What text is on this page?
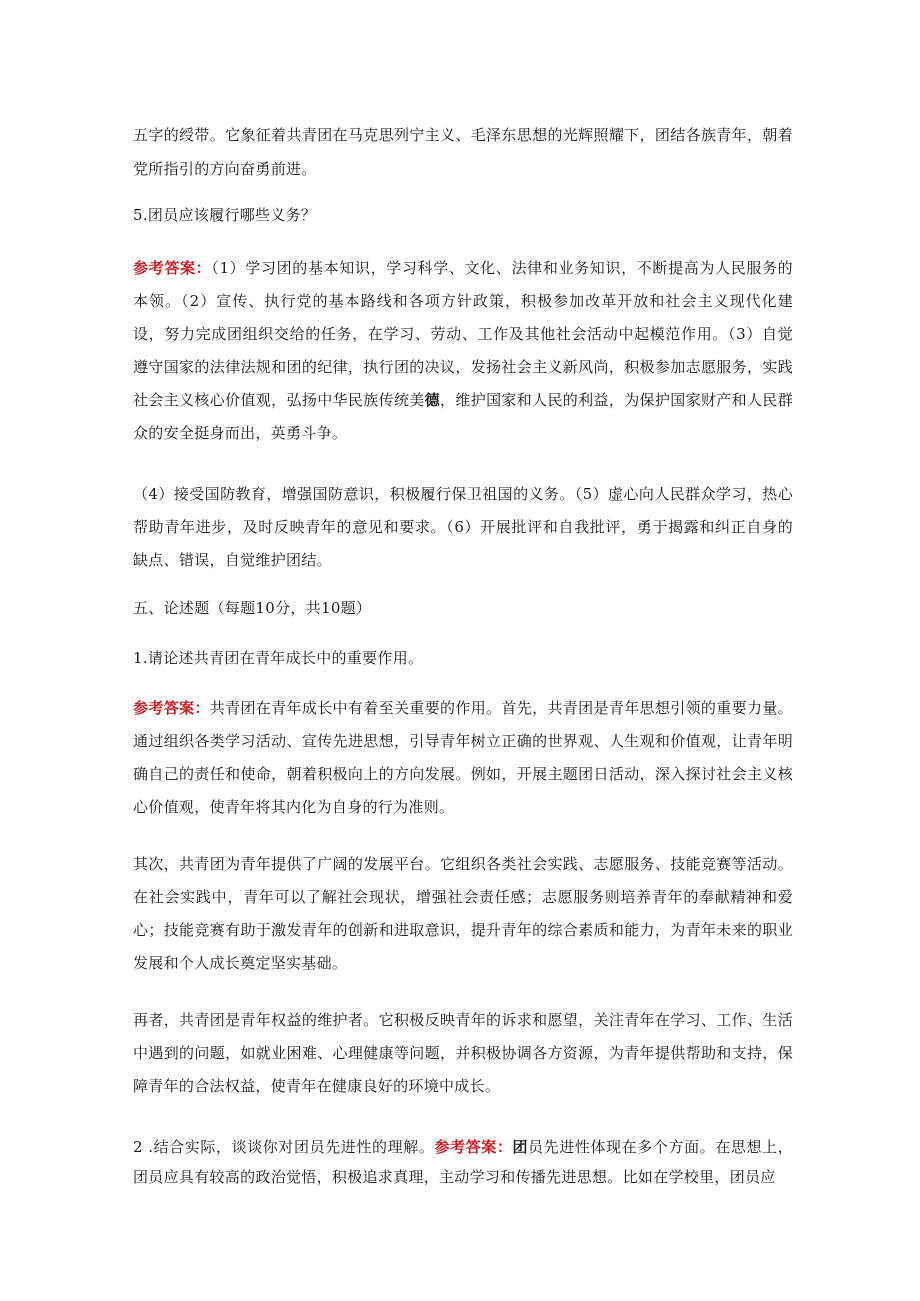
五字的绶带。它象征着共青团在马克思列宁主义、毛泽东思想的光辉照耀下，团结各族青年，朝着党所指引的方向奋勇前进。

5.团员应该履行哪些义务？

参考答案：（1）学习团的基本知识，学习科学、文化、法律和业务知识，不断提高为人民服务的本领。（2）宣传、执行党的基本路线和各项方针政策，积极参加改革开放和社会主义现代化建设，努力完成团组织交给的任务，在学习、劳动、工作及其他社会活动中起模范作用。（3）自觉遵守国家的法律法规和团的纪律，执行团的决议，发扬社会主义新风尚，积极参加志愿服务，实践社会主义核心价值观，弘扬中华民族传统美德，维护国家和人民的利益，为保护国家财产和人民群众的安全挺身而出，英勇斗争。

（4）接受国防教育，增强国防意识，积极履行保卫祖国的义务。（5）虚心向人民群众学习，热心帮助青年进步，及时反映青年的意见和要求。（6）开展批评和自我批评，勇于揭露和纠正自身的缺点、错误，自觉维护团结。

五、论述题（每题10分，共10题）

1.请论述共青团在青年成长中的重要作用。

参考答案：共青团在青年成长中有着至关重要的作用。首先，共青团是青年思想引领的重要力量。通过组织各类学习活动、宣传先进思想，引导青年树立正确的世界观、人生观和价值观，让青年明确自己的责任和使命，朝着积极向上的方向发展。例如，开展主题团日活动，深入探讨社会主义核心价值观，使青年将其内化为自身的行为准则。

其次，共青团为青年提供了广阔的发展平台。它组织各类社会实践、志愿服务、技能竞赛等活动。在社会实践中，青年可以了解社会现状，增强社会责任感；志愿服务则培养青年的奉献精神和爱心；技能竞赛有助于激发青年的创新和进取意识，提升青年的综合素质和能力，为青年未来的职业发展和个人成长奠定坚实基础。

再者，共青团是青年权益的维护者。它积极反映青年的诉求和愿望，关注青年在学习、工作、生活中遇到的问题，如就业困难、心理健康等问题，并积极协调各方资源，为青年提供帮助和支持，保障青年的合法权益，使青年在健康良好的环境中成长。

2 .结合实际，谈谈你对团员先进性的理解。参考答案：团员先进性体现在多个方面。在思想上，团员应具有较高的政治觉悟，积极追求真理，主动学习和传播先进思想。比如在学校里，团员应
